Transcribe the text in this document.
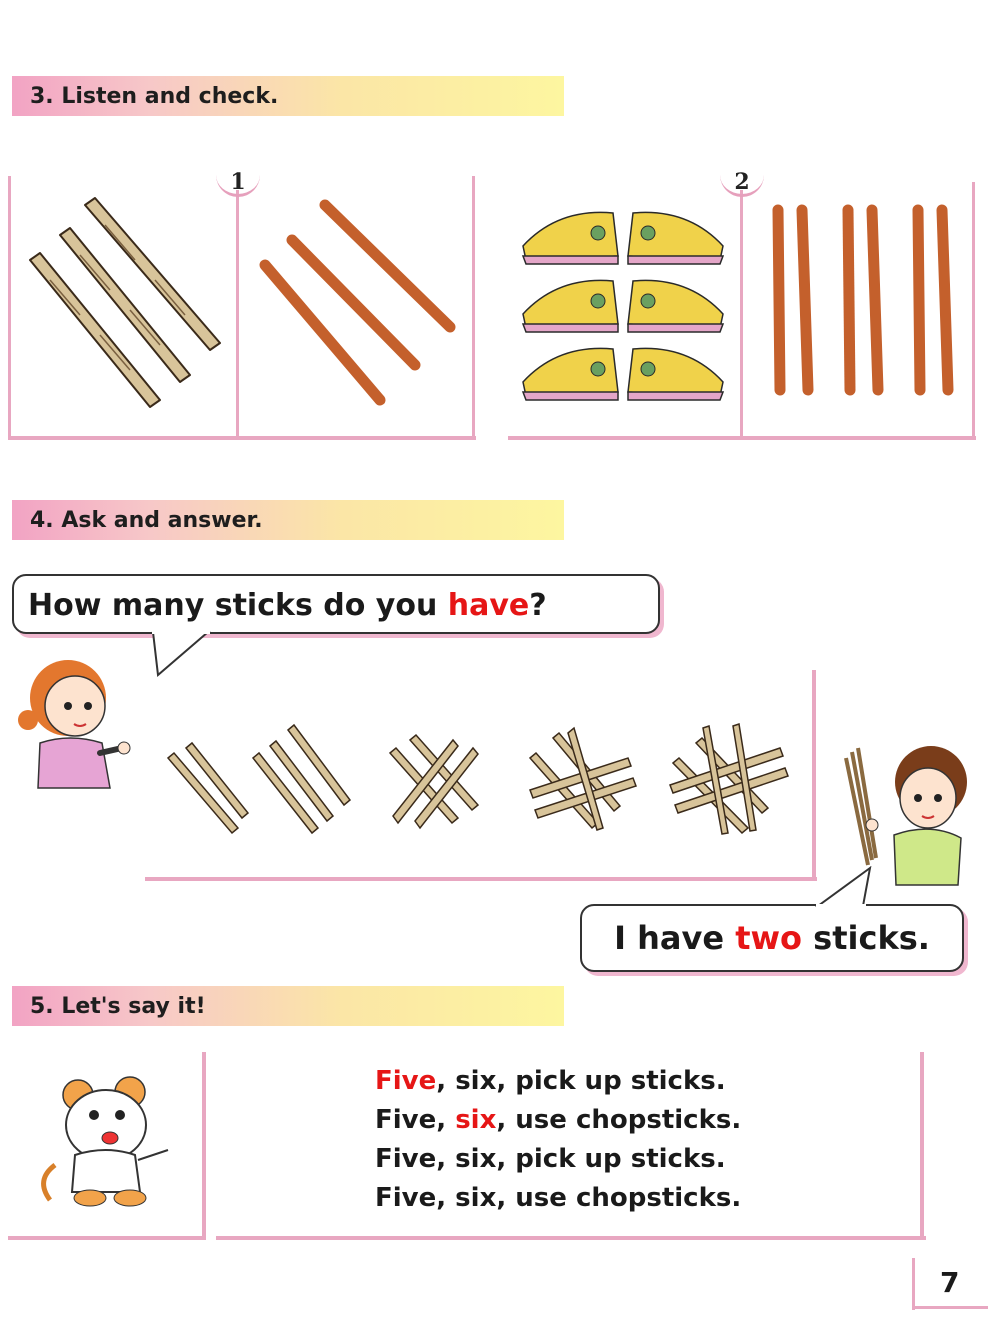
3. Listen and check.
1	2
4. Ask and answer.
How many sticks do you have?
I have two sticks.
5. Let's say it!
Five, six, pick up sticks.
Five, six, use chopsticks.
Five, six, pick up sticks.
Five, six, use chopsticks.
7
